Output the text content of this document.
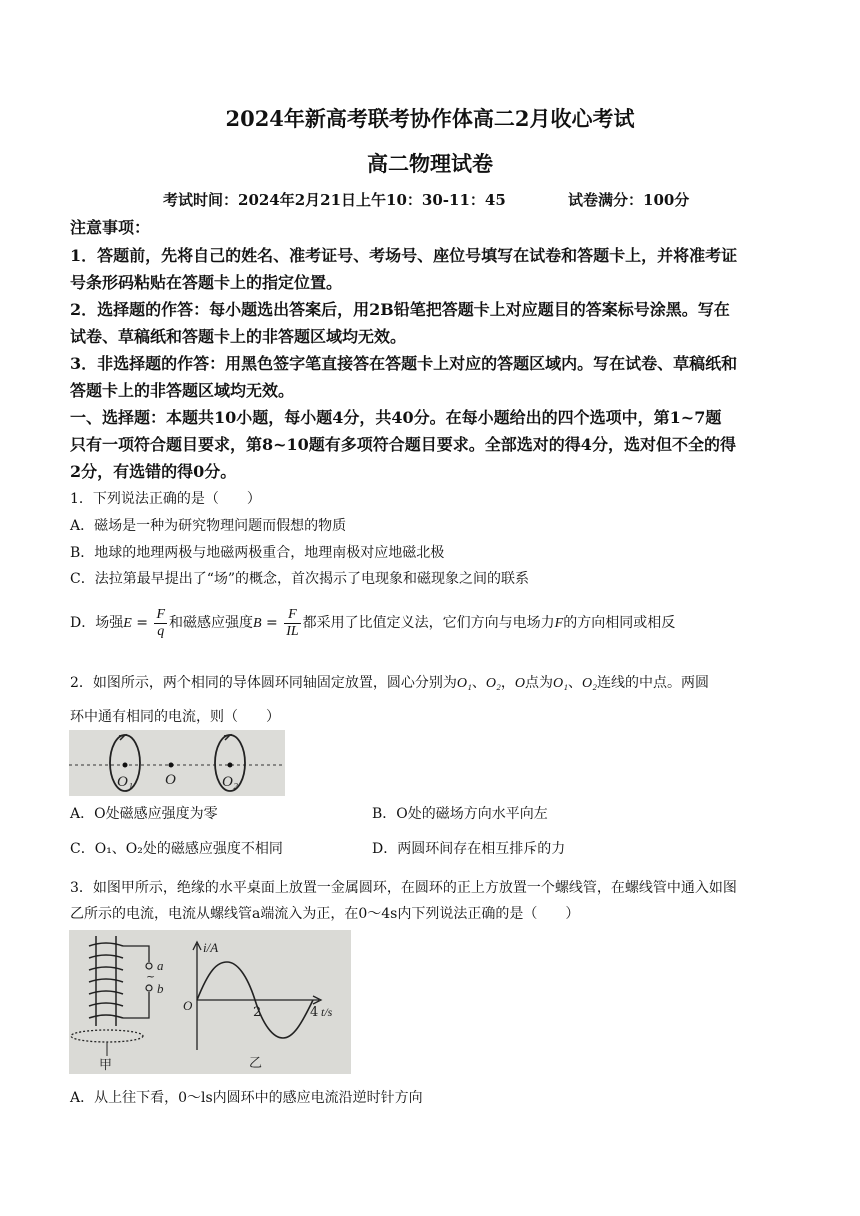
2024年新高考联考协作体高二2月收心考试
高二物理试卷
考试时间：2024年2月21日上午10：30-11：45	试卷满分：100分
注意事项：
1．答题前，先将自己的姓名、准考证号、考场号、座位号填写在试卷和答题卡上，并将准考证
号条形码粘贴在答题卡上的指定位置。
2．选择题的作答：每小题选出答案后，用2B铅笔把答题卡上对应题目的答案标号涂黑。写在
试卷、草稿纸和答题卡上的非答题区域均无效。
3．非选择题的作答：用黑色签字笔直接答在答题卡上对应的答题区域内。写在试卷、草稿纸和
答题卡上的非答题区域均无效。
一、选择题：本题共10小题，每小题4分，共40分。在每小题给出的四个选项中，第1~7题
只有一项符合题目要求，第8~10题有多项符合题目要求。全部选对的得4分，选对但不全的得
2分，有选错的得0分。
1．下列说法正确的是（　　）
A．磁场是一种为研究物理问题而假想的物质
B．地球的地理两极与地磁两极重合，地理南极对应地磁北极
C．法拉第最早提出了“场”的概念，首次揭示了电现象和磁现象之间的联系
D．场强$E = \frac{F}{q}$ 和磁感应强度$B = \frac{F}{IL}$ 都采用了比值定义法，它们方向与电场力F的方向相同或相反
2．如图所示，两个相同的导体圆环同轴固定放置，圆心分别为O₁、O₂，O点为O₁、O₂连线的中点。两圆
环中通有相同的电流，则（　　）
O₁ O	O₂
A．O处磁感应强度为零	B．O处的磁场方向水平向左
C．O₁、O₂处的磁感应强度不相同	D．两圆环间存在相互排斥的力
3．如图甲所示，绝缘的水平桌面上放置一金属圆环，在圆环的正上方放置一个螺线管，在螺线管中通入如图
乙所示的电流，电流从螺线管a端流入为正，在0～4s内下列说法正确的是（　　）
~
a
b
甲
i/A
O	2	4 t/s
乙
A．从上往下看，0～ls内圆环中的感应电流沿逆时针方向
